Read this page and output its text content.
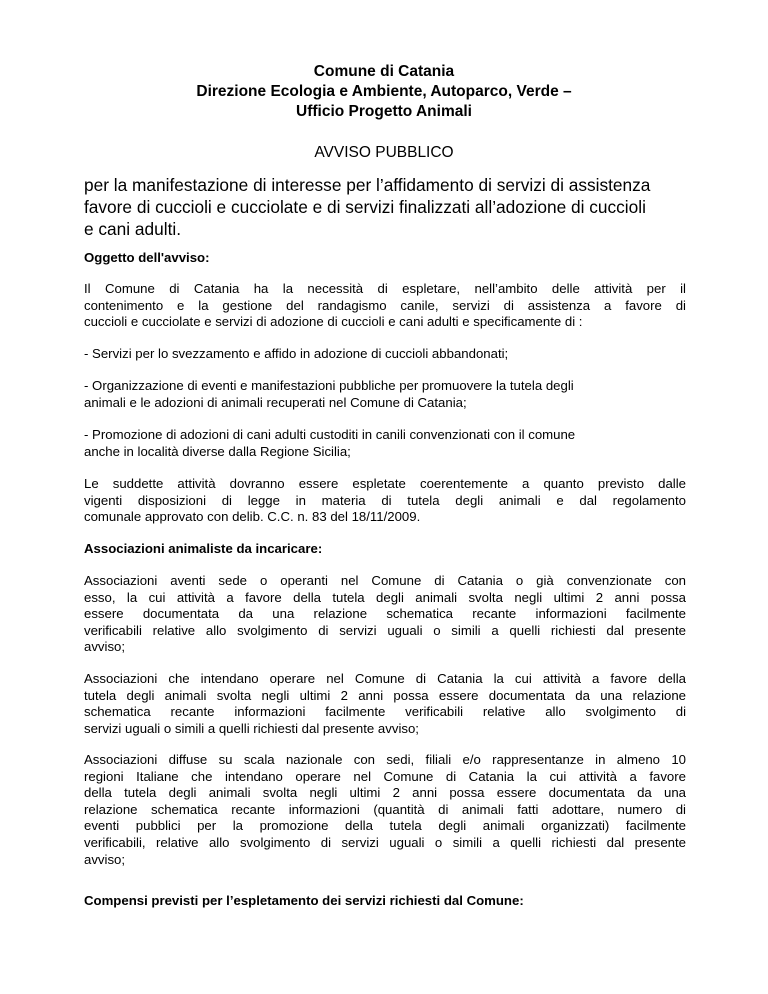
Comune di Catania
Direzione Ecologia e Ambiente, Autoparco, Verde –
Ufficio Progetto Animali
AVVISO PUBBLICO
per la manifestazione di interesse per l’affidamento di servizi di assistenza
favore di cuccioli e cucciolate e di servizi finalizzati all’adozione di cuccioli
e cani adulti.
Oggetto dell'avviso:
Il Comune di Catania ha la necessità di espletare, nell’ambito delle attività per il
contenimento e la gestione del randagismo canile, servizi di assistenza a favore di
cuccioli e cucciolate e servizi di adozione di cuccioli e cani adulti e specificamente di :
- Servizi per lo svezzamento e affido in adozione di cuccioli abbandonati;
- Organizzazione di eventi e manifestazioni pubbliche per promuovere la tutela degli
animali e le adozioni di animali recuperati nel Comune di Catania;
- Promozione di adozioni di cani adulti custoditi in canili convenzionati con il comune
anche in località diverse dalla Regione Sicilia;
Le suddette attività dovranno essere espletate coerentemente a quanto previsto dalle
vigenti disposizioni di legge in materia di tutela degli animali e dal regolamento
comunale approvato con delib. C.C. n. 83 del 18/11/2009.
Associazioni animaliste da incaricare:
Associazioni aventi sede o operanti nel Comune di Catania o già convenzionate con
esso, la cui attività a favore della tutela degli animali svolta negli ultimi 2 anni possa
essere documentata da una relazione schematica recante informazioni facilmente
verificabili relative allo svolgimento di servizi uguali o simili a quelli richiesti dal presente
avviso;
Associazioni che intendano operare nel Comune di Catania la cui attività a favore della
tutela degli animali svolta negli ultimi 2 anni possa essere documentata da una relazione
schematica recante informazioni facilmente verificabili relative allo svolgimento di
servizi uguali o simili a quelli richiesti dal presente avviso;
Associazioni diffuse su scala nazionale con sedi, filiali e/o rappresentanze in almeno 10
regioni Italiane che intendano operare nel Comune di Catania la cui attività a favore
della tutela degli animali svolta negli ultimi 2 anni possa essere documentata da una
relazione schematica recante informazioni (quantità di animali fatti adottare, numero di
eventi pubblici per la promozione della tutela degli animali organizzati) facilmente
verificabili, relative allo svolgimento di servizi uguali o simili a quelli richiesti dal presente
avviso;
Compensi previsti per l’espletamento dei servizi richiesti dal Comune:
